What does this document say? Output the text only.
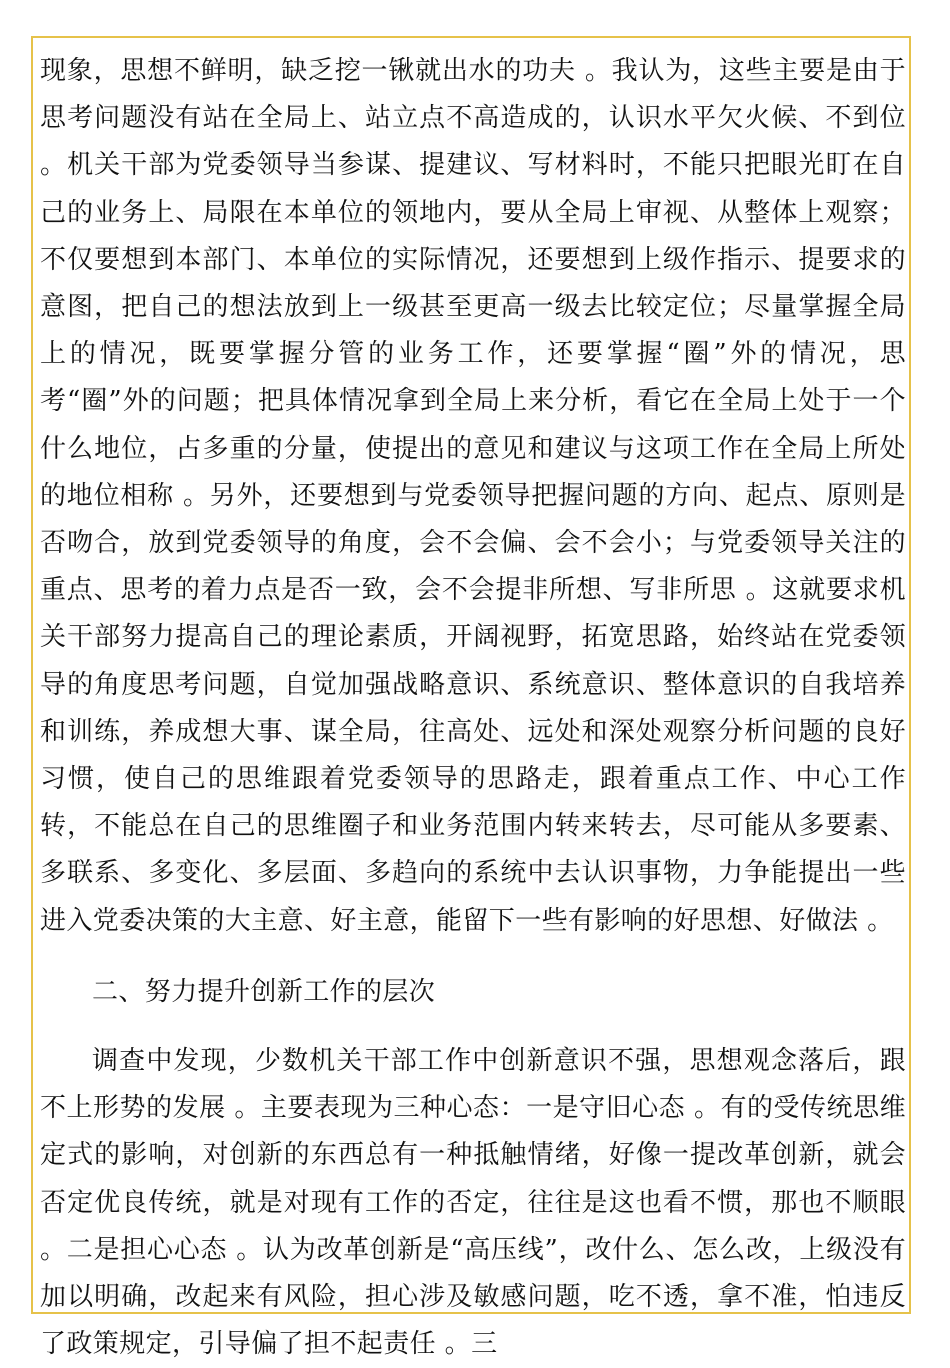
现象，思想不鲜明，缺乏挖一锹就出水的功夫 。我认为，这些主要是由于思考问题没有站在全局上、站立点不高造成的，认识水平欠火候、不到位 。机关干部为党委领导当参谋、提建议、写材料时，不能只把眼光盯在自己的业务上、局限在本单位的领地内，要从全局上审视、从整体上观察；不仅要想到本部门、本单位的实际情况，还要想到上级作指示、提要求的意图，把自己的想法放到上一级甚至更高一级去比较定位；尽量掌握全局上的情况，既要掌握分管的业务工作，还要掌握“圈”外的情况，思考“圈”外的问题；把具体情况拿到全局上来分析，看它在全局上处于一个什么地位，占多重的分量，使提出的意见和建议与这项工作在全局上所处的地位相称 。另外，还要想到与党委领导把握问题的方向、起点、原则是否吻合，放到党委领导的角度，会不会偏、会不会小；与党委领导关注的重点、思考的着力点是否一致，会不会提非所想、写非所思 。这就要求机关干部努力提高自己的理论素质，开阔视野，拓宽思路，始终站在党委领导的角度思考问题，自觉加强战略意识、系统意识、整体意识的自我培养和训练，养成想大事、谋全局，往高处、远处和深处观察分析问题的良好习惯，使自己的思维跟着党委领导的思路走，跟着重点工作、中心工作转，不能总在自己的思维圈子和业务范围内转来转去，尽可能从多要素、多联系、多变化、多层面、多趋向的系统中去认识事物，力争能提出一些进入党委决策的大主意、好主意，能留下一些有影响的好思想、好做法 。

二、努力提升创新工作的层次

调查中发现，少数机关干部工作中创新意识不强，思想观念落后，跟不上形势的发展 。主要表现为三种心态：一是守旧心态 。有的受传统思维定式的影响，对创新的东西总有一种抵触情绪，好像一提改革创新，就会否定优良传统，就是对现有工作的否定，往往是这也看不惯，那也不顺眼 。二是担心心态 。认为改革创新是“高压线”，改什么、怎么改，上级没有加以明确，改起来有风险，担心涉及敏感问题，吃不透，拿不准，怕违反了政策规定，引导偏了担不起责任 。三
